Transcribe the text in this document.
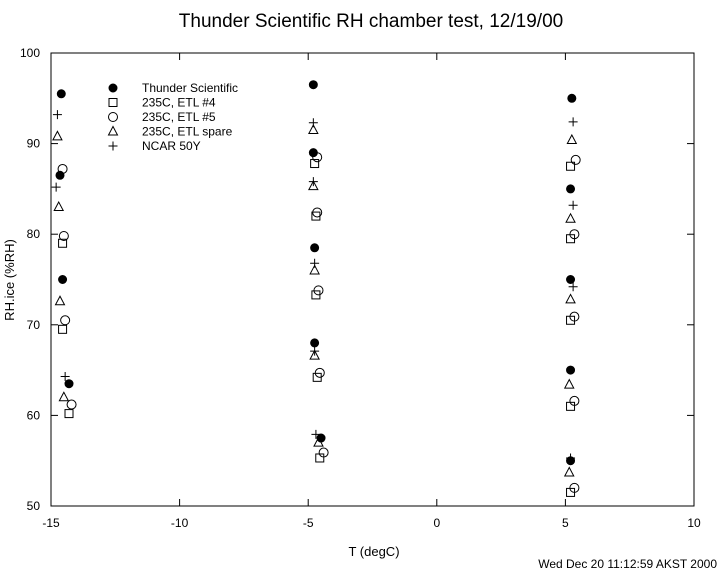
Thunder Scientific RH chamber test, 12/19/00
-15	-10	-5	0	5	10
50
60
70
80
90
100
Thunder Scientific
235C, ETL #4
235C, ETL #5
235C, ETL spare
NCAR 50Y
T (degC)
RH.ice (%RH)
Wed Dec 20 11:12:59 AKST 2000
